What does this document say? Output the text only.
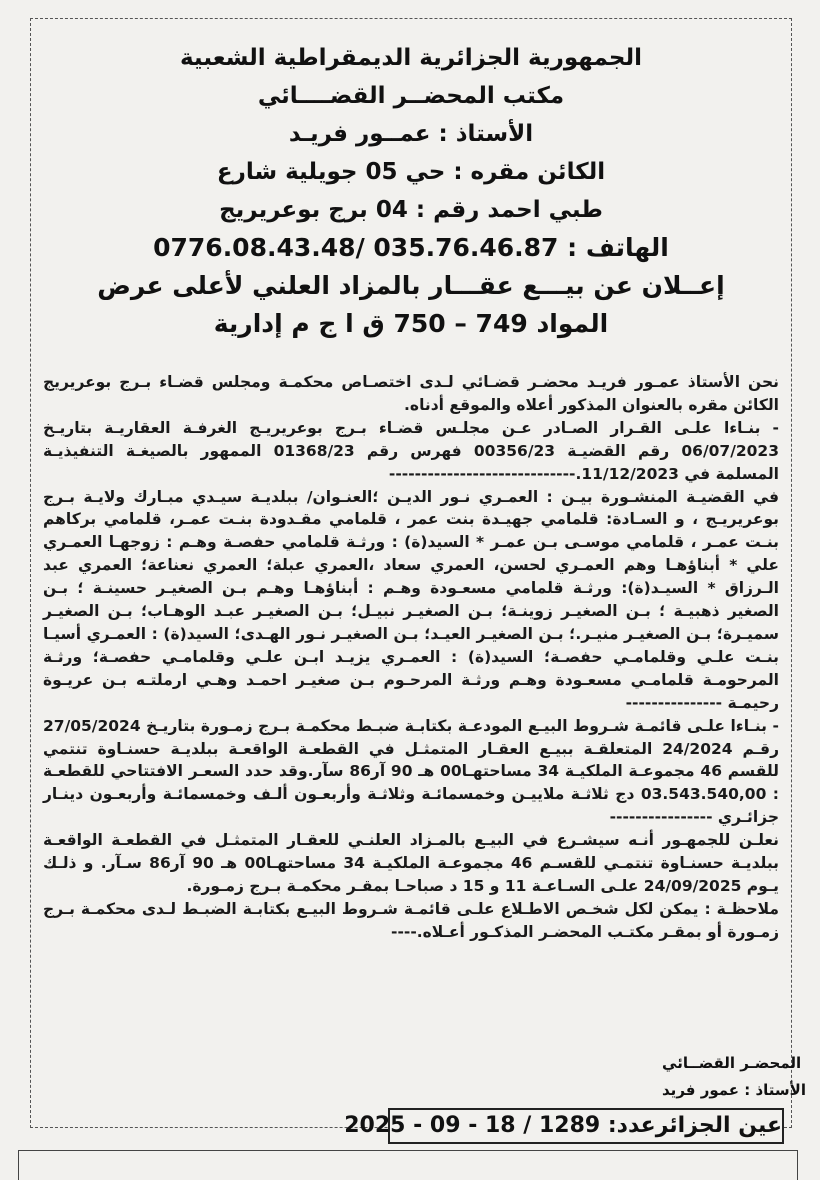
الجمهورية الجزائرية الديمقراطية الشعبية
مكتب المحضــر القضــــائي
الأستاذ : عمــور فريـد
الكائن مقره : حي 05 جويلية شارع
طبي احمد رقم : 04 برج بوعريريج
الهاتف : 035.76.46.87 /0776.08.43.48
إعــلان عن بيـــع عقـــار بالمزاد العلني لأعلى عرض
المواد 749 – 750 ق ا ج م إدارية

نحن الأستاذ عمـور فريـد محضـر قضـائي لـدى اختصـاص محكمـة ومجلس قضـاء بـرج بوعريريج الكائن مقره بالعنوان المذكور أعلاه والموقع أدناه.

- بنـاءا علـى القـرار الصـادر عـن مجلـس قضـاء بـرج بوعريريـج الغرفـة العقاريـة بتاريـخ 06/07/2023 رقم القضيـة 00356/23 فهرس رقم 01368/23 الممهور بالصيغـة التنفيذيـة المسلمة في 11/12/2023.-----------------------------

في القضيـة المنشـورة بيـن : العمـري نـور الديـن ؛العنـوان/ ببلديـة سيـدي مبـارك ولايـة بـرج بوعريريـج ، و السـادة: قلمامي جهيـدة بنت عمر ، قلمامي مقـدودة بنـت عمـر، قلمامي بركاهم بنـت عمـر ، قلمامي موسـى بـن عمـر * السيد(ة) : ورثـة قلمامي حفصـة وهـم : زوجهـا العمـري علي * أبناؤهـا وهم العمـري لحسن، العمري سعاد ،العمري عبلة؛ العمري نعناعة؛ العمري عبد الـرزاق * السيـد(ة): ورثـة قلمامي مسعـودة وهـم : أبناؤهـا وهـم بـن الصغيـر حسينـة ؛ بـن الصغير ذهبيـة ؛ بـن الصغيـر زوينـة؛ بـن الصغيـر نبيـل؛ بـن الصغيـر عبـد الوهـاب؛ بـن الصغيـر سميـرة؛ بـن الصغيـر منيـر.؛ بـن الصغيـر العيـد؛ بـن الصغيـر نـور الهـدى؛ السيد(ة) : العمـري أسيـا بنـت علـي وقلمامـي حفصـة؛ السيد(ة) : العمـري يزيـد ابـن علـي وقلمامـي حفصـة؛ ورثـة المرحومـة قلمامـي مسعـودة وهـم ورثـة المرحـوم بـن صغيـر احمـد وهـي ارملتـه بـن عريـوة رحيمـة ---------------

- بنـاءا علـى قائمـة شـروط البيـع المودعـة بكتابـة ضبـط محكمـة بـرج زمـورة بتاريـخ 27/05/2024 رقـم 24/2024 المتعلقـة ببيـع العقـار المتمثـل في القطعـة الواقعـة ببلديـة حسنـاوة تنتمي للقسم 46 مجموعـة الملكيـة 34 مساحتهـا00 هـ 90 آر86 سآر.وقد حدد السعـر الافتتاحي للقطعـة : 03.543.540,00 دج ثلاثـة ملاييـن وخمسمائـة وثلاثـة وأربعـون ألـف وخمسمائـة وأربعـون دينـار جزائـري ----------------

نعلـن للجمهـور أنـه سيشـرع في البيـع بالمـزاد العلنـي للعقـار المتمثـل في القطعـة الواقعـة ببلديـة حسنـاوة تنتمـي للقسـم 46 مجموعـة الملكيـة 34 مساحتهـا00 هـ 90 آر86 سـآر. و ذلـك يـوم 24/09/2025 علـى السـاعـة 11 و 15 د صباحـا بمقـر محكمـة بـرج زمـورة.

ملاحظـة : يمكن لكل شخـص الاطـلاع علـى قائمـة شـروط البيـع بكتابـة الضبـط لـدى محكمـة بـرج زمـورة أو بمقـر مكتـب المحضـر المذكـور أعـلاه.----

المحضـر القضــائي
الأستاذ : عمور فريد
عين الجزائرعدد: 1289 / 18 - 09 - 2025
